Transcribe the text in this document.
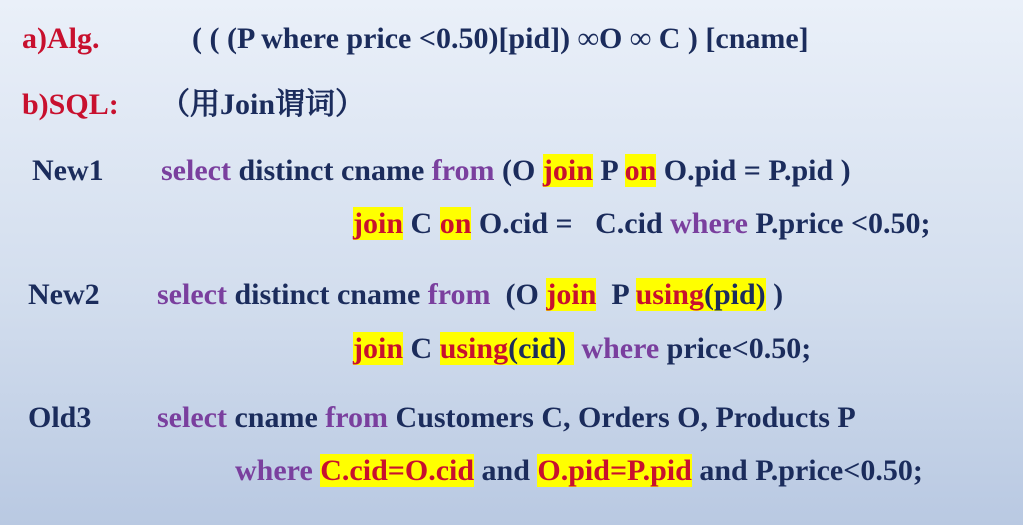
a)Alg.	( ( (P where price <0.50)[pid]) ∞O ∞ C ) [cname]
b)SQL: （用Join谓词）
New1 select distinct cname from (O join P on O.pid = P.pid )
join C on O.cid =   C.cid where P.price <0.50;
New2 select distinct cname from  (O join  P using(pid) )
join C using(cid)  where price<0.50;
Old3 select cname from Customers C, Orders O, Products P
where C.cid=O.cid and O.pid=P.pid and P.price<0.50;
